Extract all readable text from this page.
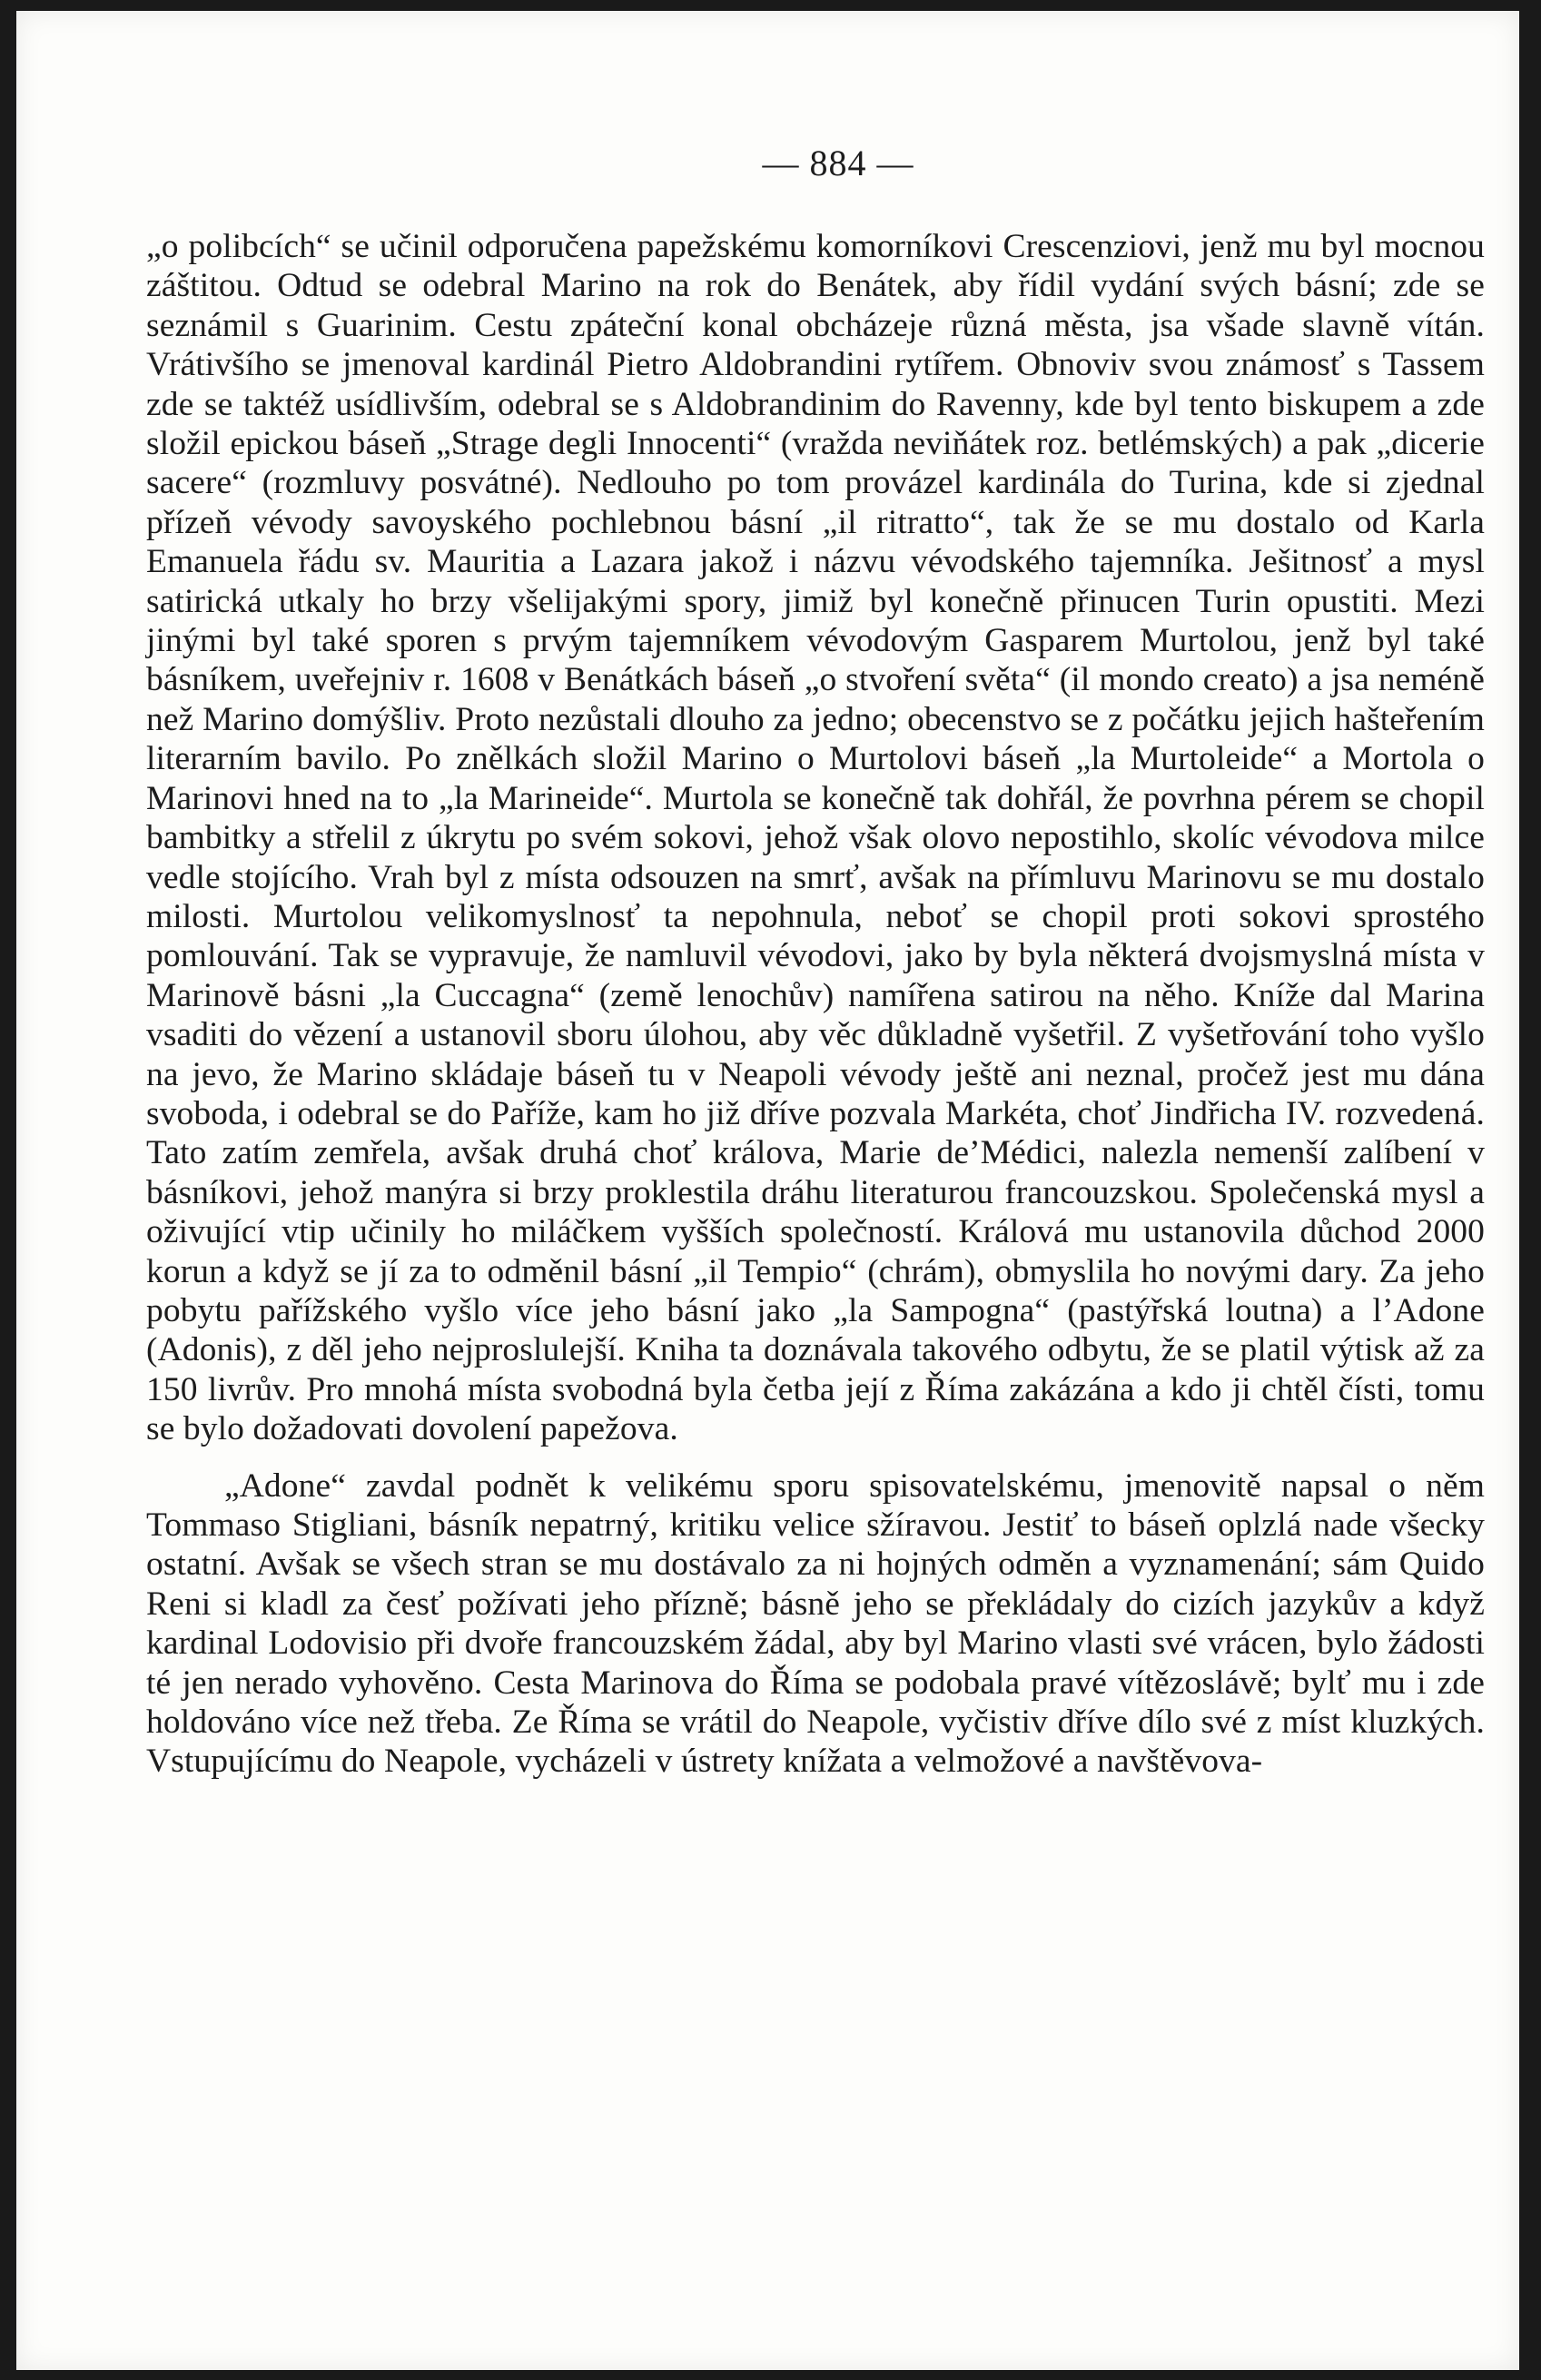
— 884 —

„o polibcích“ se učinil odporučena papežskému komorníkovi Crescenziovi, jenž mu byl mocnou záštitou. Odtud se odebral Marino na rok do Benátek, aby řídil vydání svých básní; zde se seznámil s Guarinim. Cestu zpáteční konal obcházeje různá města, jsa všade slavně vítán. Vrátivšího se jmenoval kardinál Pietro Aldobrandini rytířem. Obnoviv svou známosť s Tassem zde se taktéž usídlivším, odebral se s Aldobrandinim do Ravenny, kde byl tento biskupem a zde složil epickou báseň „Strage degli Innocenti“ (vražda neviňátek roz. betlémských) a pak „dicerie sacere“ (rozmluvy posvátné). Nedlouho po tom provázel kardinála do Turina, kde si zjednal přízeň vévody savoyského pochlebnou básní „il ritratto“, tak že se mu dostalo od Karla Emanuela řádu sv. Mauritia a Lazara jakož i názvu vévodského tajemníka. Ješitnosť a mysl satirická utkaly ho brzy všelijakými spory, jimiž byl konečně přinucen Turin opustiti. Mezi jinými byl také sporen s prvým tajemníkem vévodovým Gasparem Murtolou, jenž byl také básníkem, uveřejniv r. 1608 v Benátkách báseň „o stvoření světa“ (il mondo creato) a jsa neméně než Marino domýšliv. Proto nezůstali dlouho za jedno; obecenstvo se z počátku jejich hašteřením literarním bavilo. Po znělkách složil Marino o Murtolovi báseň „la Murtoleide“ a Mortola o Marinovi hned na to „la Marineide“. Murtola se konečně tak dohřál, že povrhna pérem se chopil bambitky a střelil z úkrytu po svém sokovi, jehož však olovo nepostihlo, skolíc vévodova milce vedle stojícího. Vrah byl z místa odsouzen na smrť, avšak na přímluvu Marinovu se mu dostalo milosti. Murtolou velikomyslnosť ta nepohnula, neboť se chopil proti sokovi sprostého pomlouvání. Tak se vypravuje, že namluvil vévodovi, jako by byla některá dvojsmyslná místa v Marinově básni „la Cuccagna“ (země lenochův) namířena satirou na něho. Kníže dal Marina vsaditi do vězení a ustanovil sboru úlohou, aby věc důkladně vyšetřil. Z vyšetřování toho vyšlo na jevo, že Marino skládaje báseň tu v Neapoli vévody ještě ani neznal, pročež jest mu dána svoboda, i odebral se do Paříže, kam ho již dříve pozvala Markéta, choť Jindřicha IV. rozvedená. Tato zatím zemřela, avšak druhá choť králova, Marie de’Médici, nalezla nemenší zalíbení v básníkovi, jehož manýra si brzy proklestila dráhu literaturou francouzskou. Společenská mysl a oživující vtip učinily ho miláčkem vyšších společností. Králová mu ustanovila důchod 2000 korun a když se jí za to odměnil básní „il Tempio“ (chrám), obmyslila ho novými dary. Za jeho pobytu pařížského vyšlo více jeho básní jako „la Sampogna“ (pastýřská loutna) a l’Adone (Adonis), z děl jeho nejproslulejší. Kniha ta doznávala takového odbytu, že se platil výtisk až za 150 livrův. Pro mnohá místa svobodná byla četba její z Říma zakázána a kdo ji chtěl čísti, tomu se bylo dožadovati dovolení papežova.

„Adone“ zavdal podnět k velikému sporu spisovatelskému, jmenovitě napsal o něm Tommaso Stigliani, básník nepatrný, kritiku velice sžíravou. Jestiť to báseň oplzlá nade všecky ostatní. Avšak se všech stran se mu dostávalo za ni hojných odměn a vyznamenání; sám Quido Reni si kladl za česť požívati jeho přízně; básně jeho se překládaly do cizích jazykův a když kardinal Lodovisio při dvoře francouzském žádal, aby byl Marino vlasti své vrácen, bylo žádosti té jen nerado vyhověno. Cesta Marinova do Říma se podobala pravé vítězoslávě; bylť mu i zde holdováno více než třeba. Ze Říma se vrátil do Neapole, vyčistiv dříve dílo své z míst kluzkých. Vstupujícímu do Neapole, vycházeli v ústrety knížata a velmožové a navštěvova-
